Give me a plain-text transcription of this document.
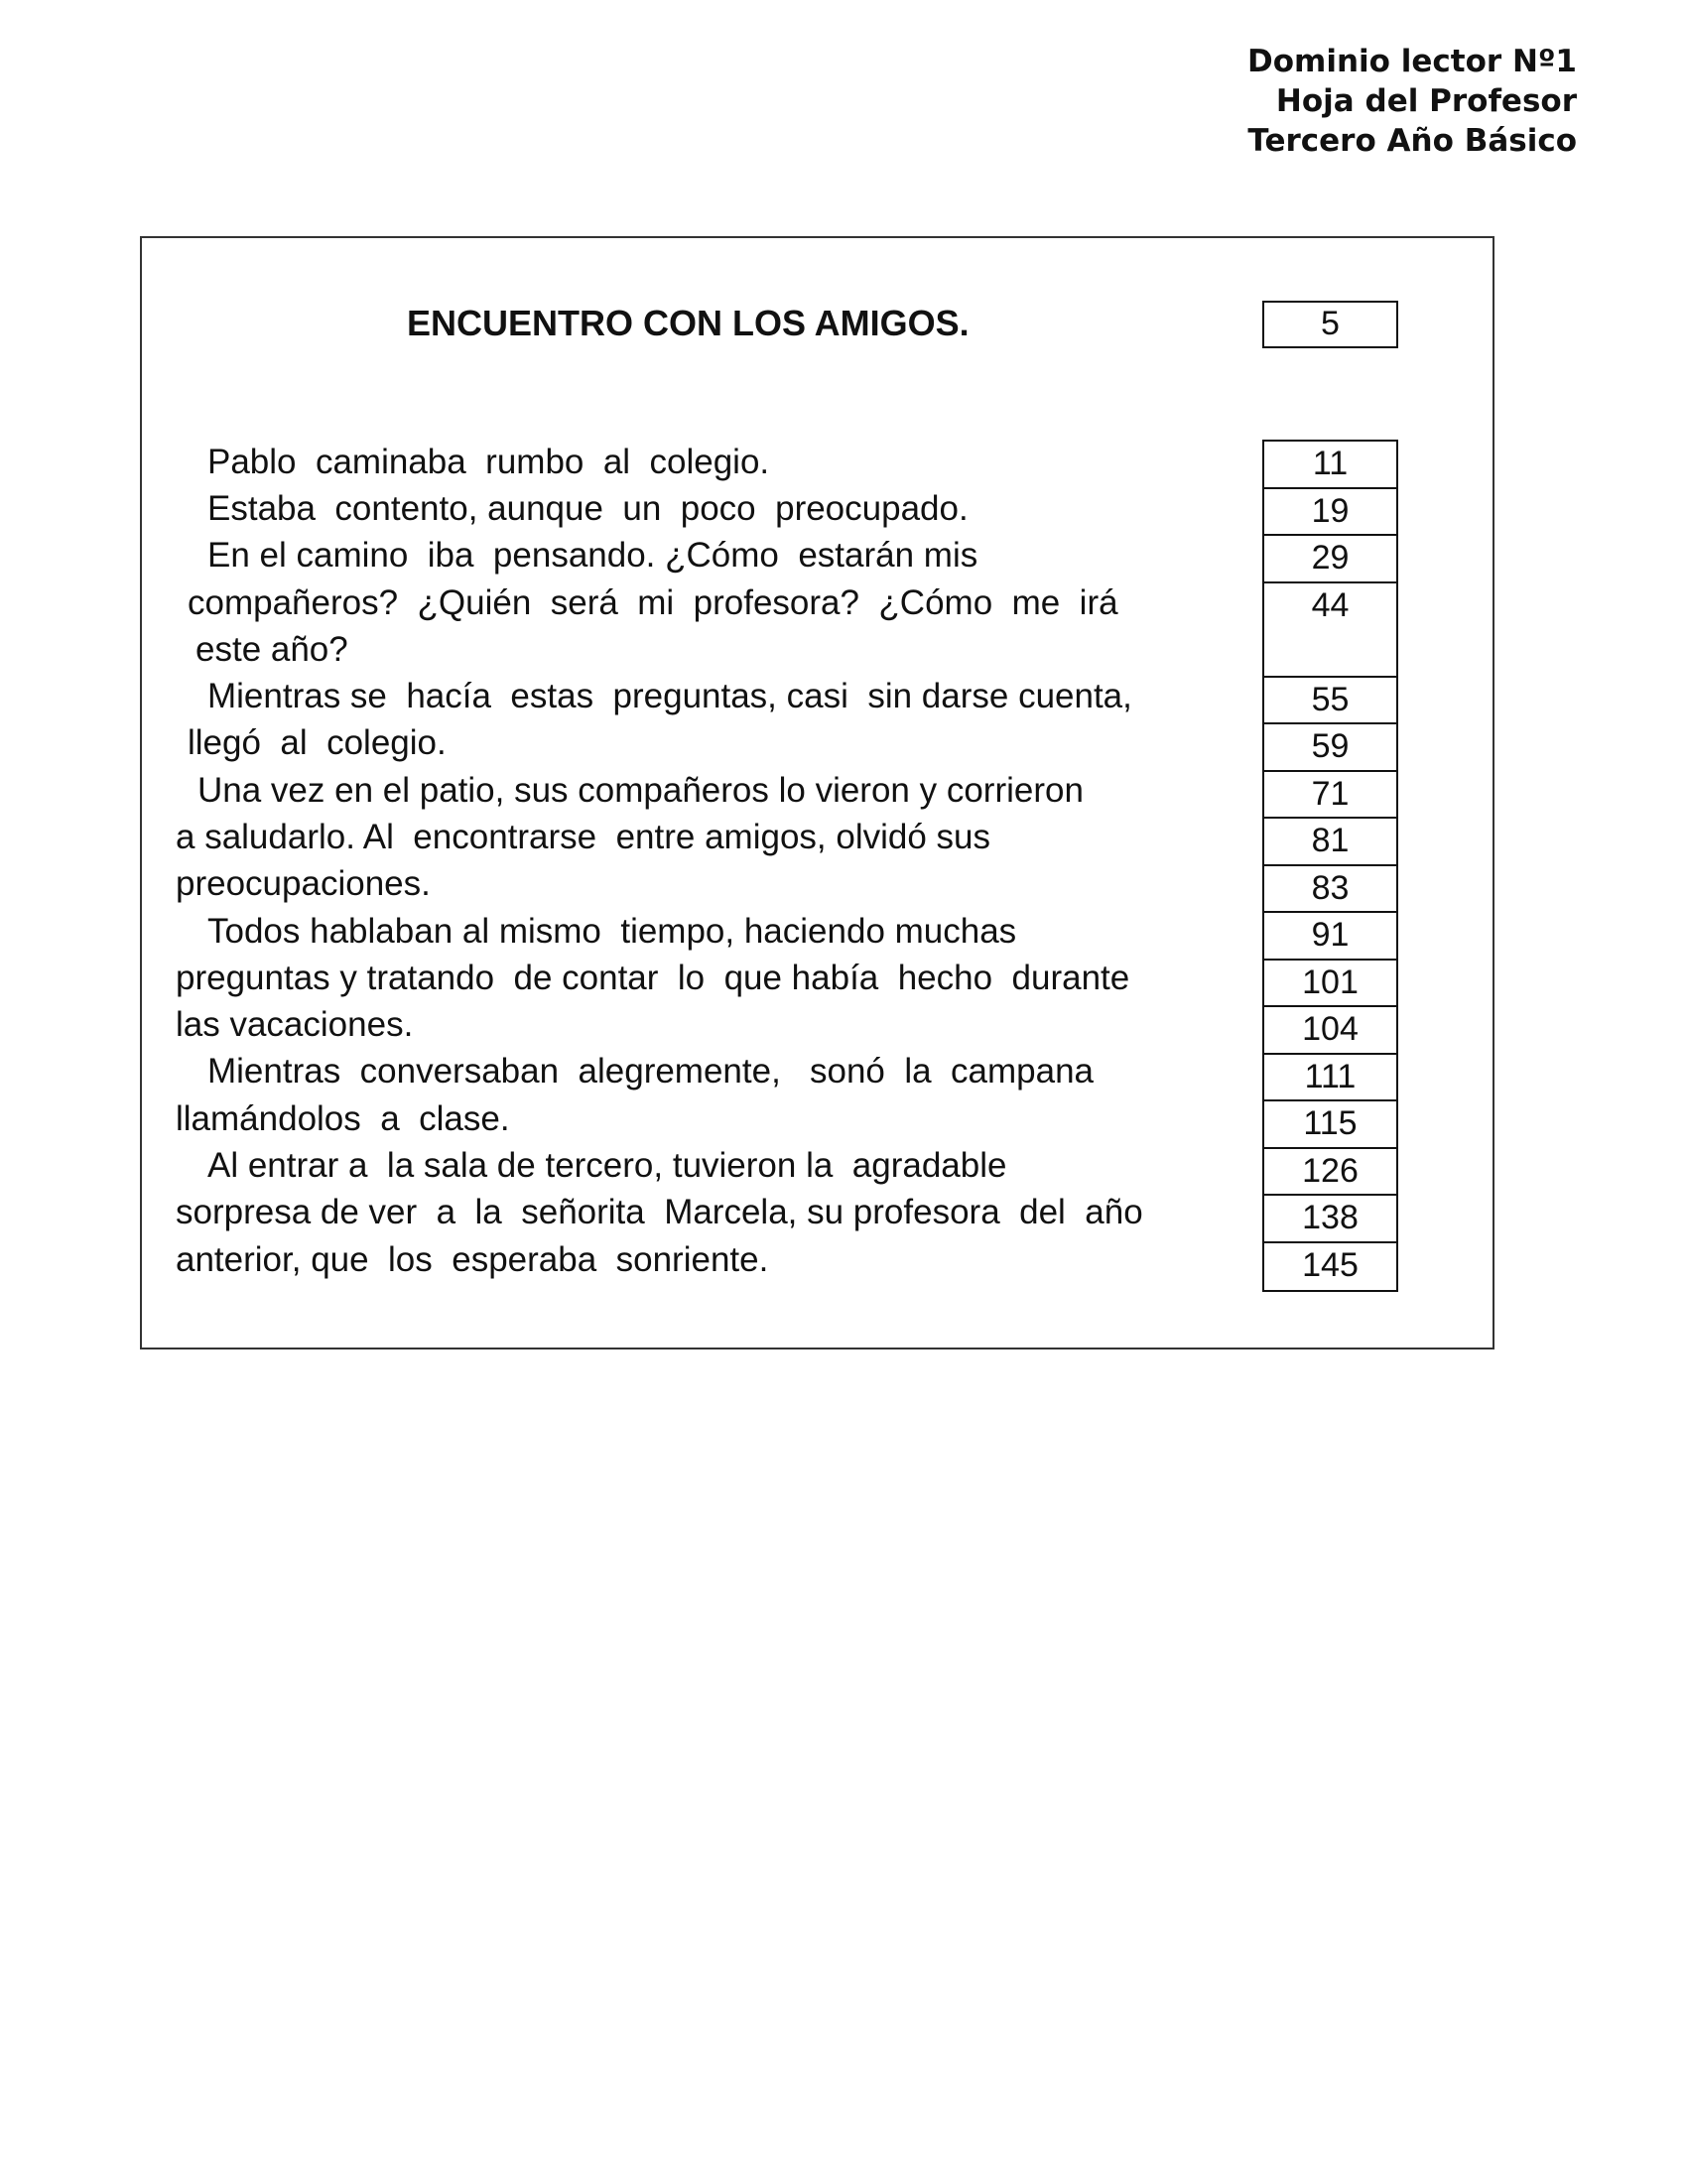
Dominio lector Nº1
Hoja del Profesor
Tercero Año Básico
ENCUENTRO CON LOS AMIGOS.	5
Pablo  caminaba  rumbo  al  colegio.
Estaba  contento, aunque  un  poco  preocupado.
En el camino  iba  pensando. ¿Cómo  estarán mis
compañeros?  ¿Quién  será  mi  profesora?  ¿Cómo  me  irá
este año?
Mientras se  hacía  estas  preguntas, casi  sin darse cuenta,
llegó  al  colegio.
Una vez en el patio, sus compañeros lo vieron y corrieron
a saludarlo. Al  encontrarse  entre amigos, olvidó sus
preocupaciones.
Todos hablaban al mismo  tiempo, haciendo muchas
preguntas y tratando  de contar  lo  que había  hecho  durante
las vacaciones.
Mientras  conversaban  alegremente,   sonó  la  campana
llamándolos  a  clase.
Al entrar a  la sala de tercero, tuvieron la  agradable
sorpresa de ver  a  la  señorita  Marcela, su profesora  del  año
anterior, que  los  esperaba  sonriente.
11
19
29
44
55
59
71
81
83
91
101
104
111
115
126
138
145
